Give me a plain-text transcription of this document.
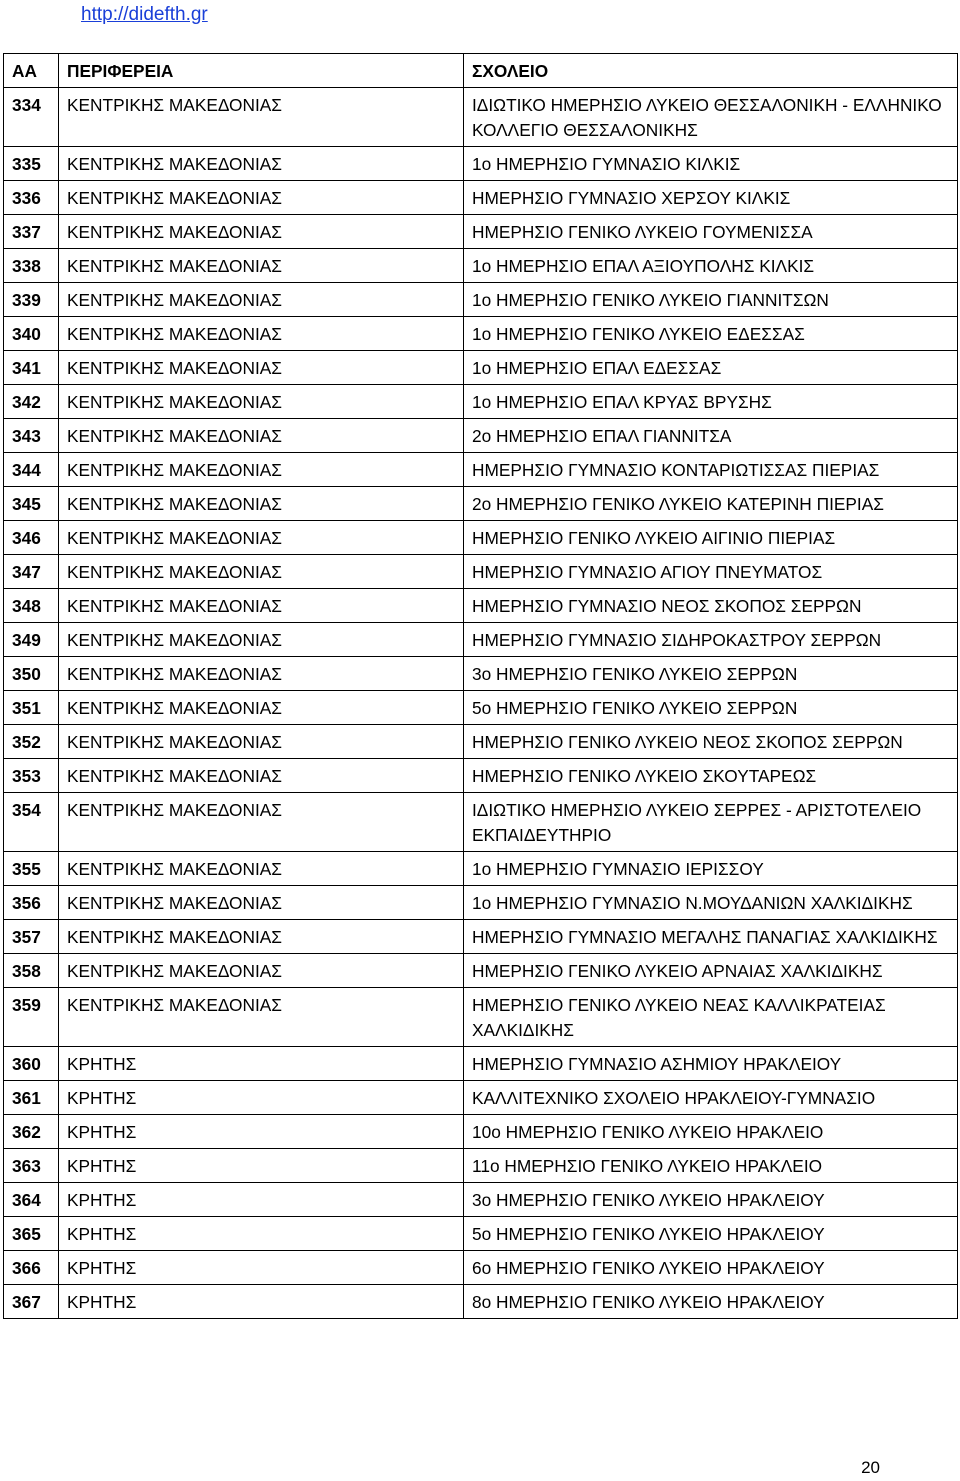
http://didefth.gr
ΑΑ	ΠΕΡΙΦΕΡΕΙΑ	ΣΧΟΛΕΙΟ
334	ΚΕΝΤΡΙΚΗΣ ΜΑΚΕΔΟΝΙΑΣ	ΙΔΙΩΤΙΚΟ ΗΜΕΡΗΣΙΟ ΛΥΚΕΙΟ ΘΕΣΣΑΛΟΝΙΚΗ - ΕΛΛΗΝΙΚΟ ΚΟΛΛΕΓΙΟ ΘΕΣΣΑΛΟΝΙΚΗΣ
335	ΚΕΝΤΡΙΚΗΣ ΜΑΚΕΔΟΝΙΑΣ	1ο ΗΜΕΡΗΣΙΟ ΓΥΜΝΑΣΙΟ ΚΙΛΚΙΣ
336	ΚΕΝΤΡΙΚΗΣ ΜΑΚΕΔΟΝΙΑΣ	ΗΜΕΡΗΣΙΟ ΓΥΜΝΑΣΙΟ ΧΕΡΣΟΥ ΚΙΛΚΙΣ
337	ΚΕΝΤΡΙΚΗΣ ΜΑΚΕΔΟΝΙΑΣ	ΗΜΕΡΗΣΙΟ ΓΕΝΙΚΟ ΛΥΚΕΙΟ ΓΟΥΜΕΝΙΣΣΑ
338	ΚΕΝΤΡΙΚΗΣ ΜΑΚΕΔΟΝΙΑΣ	1ο ΗΜΕΡΗΣΙΟ ΕΠΑΛ ΑΞΙΟΥΠΟΛΗΣ ΚΙΛΚΙΣ
339	ΚΕΝΤΡΙΚΗΣ ΜΑΚΕΔΟΝΙΑΣ	1ο ΗΜΕΡΗΣΙΟ ΓΕΝΙΚΟ ΛΥΚΕΙΟ ΓΙΑΝΝΙΤΣΩΝ
340	ΚΕΝΤΡΙΚΗΣ ΜΑΚΕΔΟΝΙΑΣ	1ο ΗΜΕΡΗΣΙΟ ΓΕΝΙΚΟ ΛΥΚΕΙΟ ΕΔΕΣΣΑΣ
341	ΚΕΝΤΡΙΚΗΣ ΜΑΚΕΔΟΝΙΑΣ	1ο ΗΜΕΡΗΣΙΟ ΕΠΑΛ ΕΔΕΣΣΑΣ
342	ΚΕΝΤΡΙΚΗΣ ΜΑΚΕΔΟΝΙΑΣ	1ο ΗΜΕΡΗΣΙΟ ΕΠΑΛ ΚΡΥΑΣ ΒΡΥΣΗΣ
343	ΚΕΝΤΡΙΚΗΣ ΜΑΚΕΔΟΝΙΑΣ	2ο ΗΜΕΡΗΣΙΟ ΕΠΑΛ ΓΙΑΝΝΙΤΣΑ
344	ΚΕΝΤΡΙΚΗΣ ΜΑΚΕΔΟΝΙΑΣ	ΗΜΕΡΗΣΙΟ ΓΥΜΝΑΣΙΟ ΚΟΝΤΑΡΙΩΤΙΣΣΑΣ ΠΙΕΡΙΑΣ
345	ΚΕΝΤΡΙΚΗΣ ΜΑΚΕΔΟΝΙΑΣ	2ο ΗΜΕΡΗΣΙΟ ΓΕΝΙΚΟ ΛΥΚΕΙΟ ΚΑΤΕΡΙΝΗ ΠΙΕΡΙΑΣ
346	ΚΕΝΤΡΙΚΗΣ ΜΑΚΕΔΟΝΙΑΣ	ΗΜΕΡΗΣΙΟ ΓΕΝΙΚΟ ΛΥΚΕΙΟ ΑΙΓΙΝΙΟ ΠΙΕΡΙΑΣ
347	ΚΕΝΤΡΙΚΗΣ ΜΑΚΕΔΟΝΙΑΣ	ΗΜΕΡΗΣΙΟ ΓΥΜΝΑΣΙΟ ΑΓΙΟΥ ΠΝΕΥΜΑΤΟΣ
348	ΚΕΝΤΡΙΚΗΣ ΜΑΚΕΔΟΝΙΑΣ	ΗΜΕΡΗΣΙΟ ΓΥΜΝΑΣΙΟ ΝΕΟΣ ΣΚΟΠΟΣ ΣΕΡΡΩΝ
349	ΚΕΝΤΡΙΚΗΣ ΜΑΚΕΔΟΝΙΑΣ	ΗΜΕΡΗΣΙΟ ΓΥΜΝΑΣΙΟ ΣΙΔΗΡΟΚΑΣΤΡΟΥ ΣΕΡΡΩΝ
350	ΚΕΝΤΡΙΚΗΣ ΜΑΚΕΔΟΝΙΑΣ	3ο ΗΜΕΡΗΣΙΟ ΓΕΝΙΚΟ ΛΥΚΕΙΟ ΣΕΡΡΩΝ
351	ΚΕΝΤΡΙΚΗΣ ΜΑΚΕΔΟΝΙΑΣ	5ο ΗΜΕΡΗΣΙΟ ΓΕΝΙΚΟ ΛΥΚΕΙΟ ΣΕΡΡΩΝ
352	ΚΕΝΤΡΙΚΗΣ ΜΑΚΕΔΟΝΙΑΣ	ΗΜΕΡΗΣΙΟ ΓΕΝΙΚΟ ΛΥΚΕΙΟ ΝΕΟΣ ΣΚΟΠΟΣ ΣΕΡΡΩΝ
353	ΚΕΝΤΡΙΚΗΣ ΜΑΚΕΔΟΝΙΑΣ	ΗΜΕΡΗΣΙΟ ΓΕΝΙΚΟ ΛΥΚΕΙΟ ΣΚΟΥΤΑΡΕΩΣ
354	ΚΕΝΤΡΙΚΗΣ ΜΑΚΕΔΟΝΙΑΣ	ΙΔΙΩΤΙΚΟ ΗΜΕΡΗΣΙΟ ΛΥΚΕΙΟ ΣΕΡΡΕΣ - ΑΡΙΣΤΟΤΕΛΕΙΟ ΕΚΠΑΙΔΕΥΤΗΡΙΟ
355	ΚΕΝΤΡΙΚΗΣ ΜΑΚΕΔΟΝΙΑΣ	1ο ΗΜΕΡΗΣΙΟ ΓΥΜΝΑΣΙΟ ΙΕΡΙΣΣΟΥ
356	ΚΕΝΤΡΙΚΗΣ ΜΑΚΕΔΟΝΙΑΣ	1ο ΗΜΕΡΗΣΙΟ ΓΥΜΝΑΣΙΟ Ν.ΜΟΥΔΑΝΙΩΝ ΧΑΛΚΙΔΙΚΗΣ
357	ΚΕΝΤΡΙΚΗΣ ΜΑΚΕΔΟΝΙΑΣ	ΗΜΕΡΗΣΙΟ ΓΥΜΝΑΣΙΟ ΜΕΓΑΛΗΣ ΠΑΝΑΓΙΑΣ ΧΑΛΚΙΔΙΚΗΣ
358	ΚΕΝΤΡΙΚΗΣ ΜΑΚΕΔΟΝΙΑΣ	ΗΜΕΡΗΣΙΟ ΓΕΝΙΚΟ ΛΥΚΕΙΟ ΑΡΝΑΙΑΣ ΧΑΛΚΙΔΙΚΗΣ
359	ΚΕΝΤΡΙΚΗΣ ΜΑΚΕΔΟΝΙΑΣ	ΗΜΕΡΗΣΙΟ ΓΕΝΙΚΟ ΛΥΚΕΙΟ ΝΕΑΣ ΚΑΛΛΙΚΡΑΤΕΙΑΣ ΧΑΛΚΙΔΙΚΗΣ
360	ΚΡΗΤΗΣ	ΗΜΕΡΗΣΙΟ ΓΥΜΝΑΣΙΟ ΑΣΗΜΙΟΥ ΗΡΑΚΛΕΙΟΥ
361	ΚΡΗΤΗΣ	ΚΑΛΛΙΤΕΧΝΙΚΟ ΣΧΟΛΕΙΟ ΗΡΑΚΛΕΙΟΥ-ΓΥΜΝΑΣΙΟ
362	ΚΡΗΤΗΣ	10ο ΗΜΕΡΗΣΙΟ ΓΕΝΙΚΟ ΛΥΚΕΙΟ ΗΡΑΚΛΕΙΟ
363	ΚΡΗΤΗΣ	11ο ΗΜΕΡΗΣΙΟ ΓΕΝΙΚΟ ΛΥΚΕΙΟ ΗΡΑΚΛΕΙΟ
364	ΚΡΗΤΗΣ	3ο ΗΜΕΡΗΣΙΟ ΓΕΝΙΚΟ ΛΥΚΕΙΟ ΗΡΑΚΛΕΙΟΥ
365	ΚΡΗΤΗΣ	5ο ΗΜΕΡΗΣΙΟ ΓΕΝΙΚΟ ΛΥΚΕΙΟ ΗΡΑΚΛΕΙΟΥ
366	ΚΡΗΤΗΣ	6ο ΗΜΕΡΗΣΙΟ ΓΕΝΙΚΟ ΛΥΚΕΙΟ ΗΡΑΚΛΕΙΟΥ
367	ΚΡΗΤΗΣ	8ο ΗΜΕΡΗΣΙΟ ΓΕΝΙΚΟ ΛΥΚΕΙΟ ΗΡΑΚΛΕΙΟΥ
20
